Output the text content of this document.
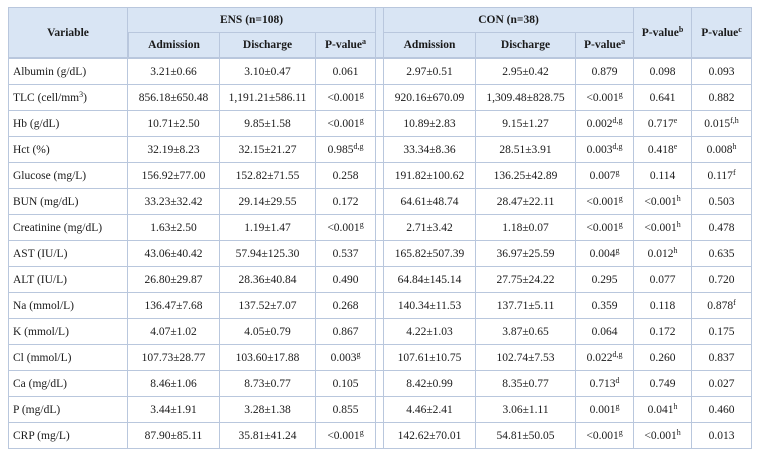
Variable	ENS (n=108)				CON (n=38)			P-value$^b$	P-value$^c$
	Admission	Discharge	P-value$^a$		Admission	Discharge	P-value$^a$
Albumin (g/dL)	3.21±0.66	3.10±0.47	0.061		2.97±0.51	2.95±0.42	0.879	0.098	0.093
TLC $(cell/mm^3)$	856.18±650.48	1,191.21±586.11	<0.001$^g$		920.16±670.09	1,309.48±828.75	<0.001$^g$	0.641	0.882
Hb (g/dL)	10.71±2.50	9.85±1.58	<0.001$^g$		10.89±2.83	9.15±1.27	0.002$^{d,g}$	0.717e	0.015$^{f,h}$
Hct (%)	32.19±8.23	32.15±21.27	0.985$^{d,g}$		33.34±8.36	28.51±3.91	0.003$^{d,g}$	0.418e	0.008$^h$
Glucose (mg/L)	156.92±77.00	152.82±71.55	0.258		191.82±100.62	136.25±42.89	0.007$^g$	0.114	0.117$^f$
BUN (mg/dL)	33.23±32.42	29.14±29.55	0.172		64.61±48.74	28.47±22.11	<0.001$^g$	<0.001$^h$	0.503
Creatinine (mg/dL)	1.63±2.50	1.19±1.47	<0.001$^g$		2.71±3.42	1.18±0.07	<0.001$^g$	<0.001$^h$	0.478
AST (IU/L)	43.06±40.42	57.94±125.30	0.537		165.82±507.39	36.97±25.59	0.004$^g$	0.012$^h$	0.635
ALT (IU/L)	26.80±29.87	28.36±40.84	0.490		64.84±145.14	27.75±24.22	0.295	0.077	0.720
Na (mmol/L)	136.47±7.68	137.52±7.07	0.268		140.34±11.53	137.71±5.11	0.359	0.118	0.878$^f$
K (mmol/L)	4.07±1.02	4.05±0.79	0.867		4.22±1.03	3.87±0.65	0.064	0.172	0.175
Cl (mmol/L)	107.73±28.77	103.60±17.88	0.003$^g$		107.61±10.75	102.74±7.53	0.022$^{d,g}$	0.260	0.837
Ca (mg/dL)	8.46±1.06	8.73±0.77	0.105		8.42±0.99	8.35±0.77	0.713$^d$	0.749	0.027
P (mg/dL)	3.44±1.91	3.28±1.38	0.855		4.46±2.41	3.06±1.11	0.001$^g$	0.041$^h$	0.460
CRP (mg/L)	87.90±85.11	35.81±41.24	<0.001$^g$		142.62±70.01	54.81±50.05	<0.001$^g$	<0.001$^h$	0.013
